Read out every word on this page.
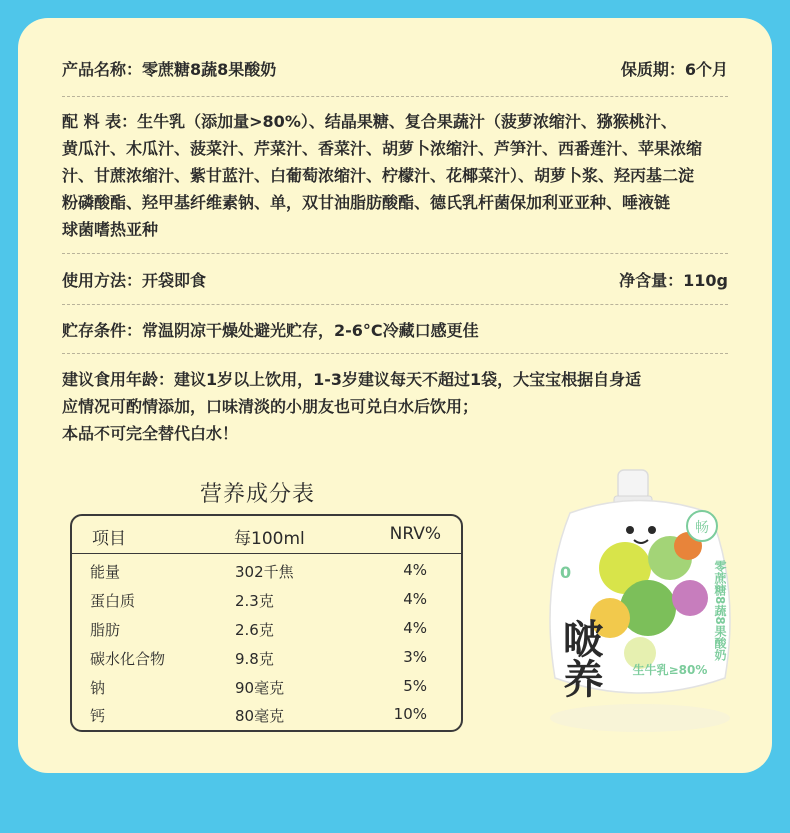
产品名称：零蔗糖8蔬8果酸奶	保质期：6个月
配 料 表：生牛乳（添加量>80%）、结晶果糖、复合果蔬汁（菠萝浓缩汁、猕猴桃汁、
黄瓜汁、木瓜汁、菠菜汁、芹菜汁、香菜汁、胡萝卜浓缩汁、芦笋汁、西番莲汁、苹果浓缩
汁、甘蔗浓缩汁、紫甘蓝汁、白葡萄浓缩汁、柠檬汁、花椰菜汁）、胡萝卜浆、羟丙基二淀
粉磷酸酯、羟甲基纤维素钠、单，双甘油脂肪酸酯、德氏乳杆菌保加利亚亚种、唾液链
球菌嗜热亚种
使用方法：开袋即食	净含量：110g
贮存条件：常温阴凉干燥处避光贮存，2-6°C冷藏口感更佳
建议食用年龄：建议1岁以上饮用，1-3岁建议每天不超过1袋，大宝宝根据自身适
应情况可酌情添加，口味清淡的小朋友也可兑白水后饮用；
本品不可完全替代白水！
营养成分表
项目	每100ml	NRV%
能量	302千焦	4%
蛋白质	2.3克	4%
脂肪	2.6克	4%
碳水化合物	9.8克	3%
钠	90毫克	5%
钙	80毫克	10%
畅
啵养
0	零蔗糖8蔬8果酸奶
生牛乳≥80%
